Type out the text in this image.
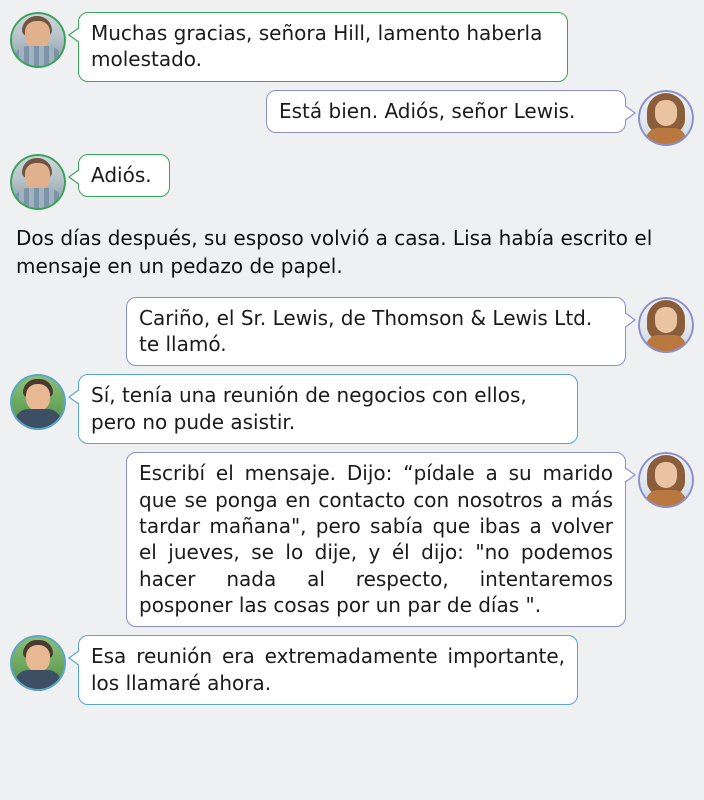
Muchas gracias, señora Hill, lamento haberla molestado.
Está bien. Adiós, señor Lewis.
Adiós.
Dos días después, su esposo volvió a casa. Lisa había escrito el mensaje en un pedazo de papel.
Cariño, el Sr. Lewis, de Thomson & Lewis Ltd. te llamó.
Sí, tenía una reunión de negocios con ellos, pero no pude asistir.
Escribí el mensaje. Dijo: “pídale a su marido que se ponga en contacto con nosotros a más tardar mañana", pero sabía que ibas a volver el jueves, se lo dije, y él dijo: "no podemos hacer nada al respecto, intentaremos posponer las cosas por un par de días ".
Esa reunión era extremadamente importante, los llamaré ahora.
